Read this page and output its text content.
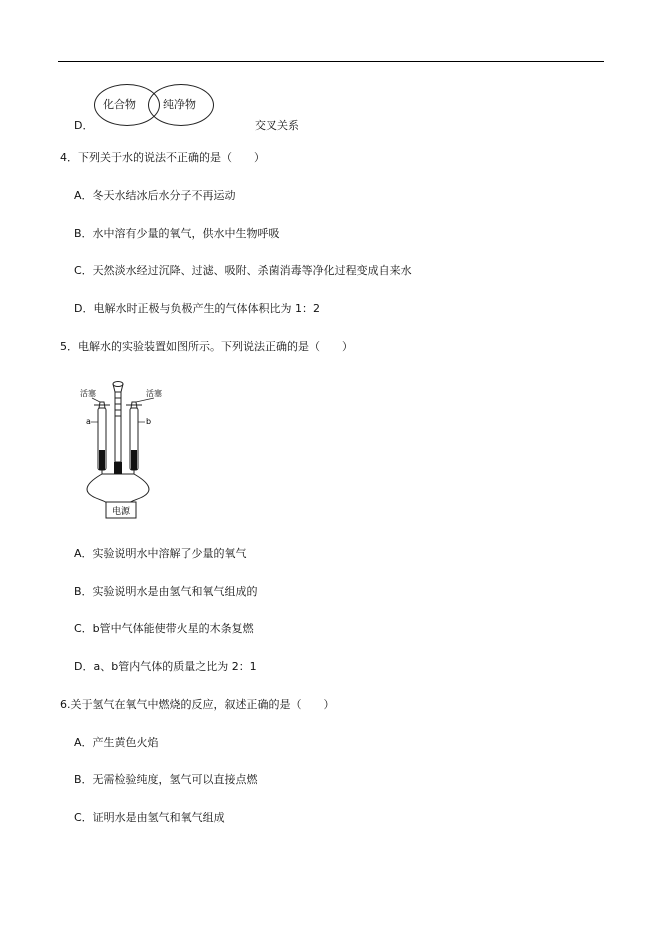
化合物 纯净物
D．	交叉关系
4．下列关于水的说法不正确的是（　　）
A．冬天水结冰后水分子不再运动
B．水中溶有少量的氧气，供水中生物呼吸
C．天然淡水经过沉降、过滤、吸附、杀菌消毒等净化过程变成自来水
D．电解水时正极与负极产生的气体体积比为 1：2
5．电解水的实验装置如图所示。下列说法正确的是（　　）
电源
活塞	活塞
a	b
A．实验说明水中溶解了少量的氧气
B．实验说明水是由氢气和氧气组成的
C．b管中气体能使带火星的木条复燃
D．a、b管内气体的质量之比为 2：1
6.关于氢气在氧气中燃烧的反应，叙述正确的是（　　）
A．产生黄色火焰
B．无需检验纯度，氢气可以直接点燃
C．证明水是由氢气和氧气组成
